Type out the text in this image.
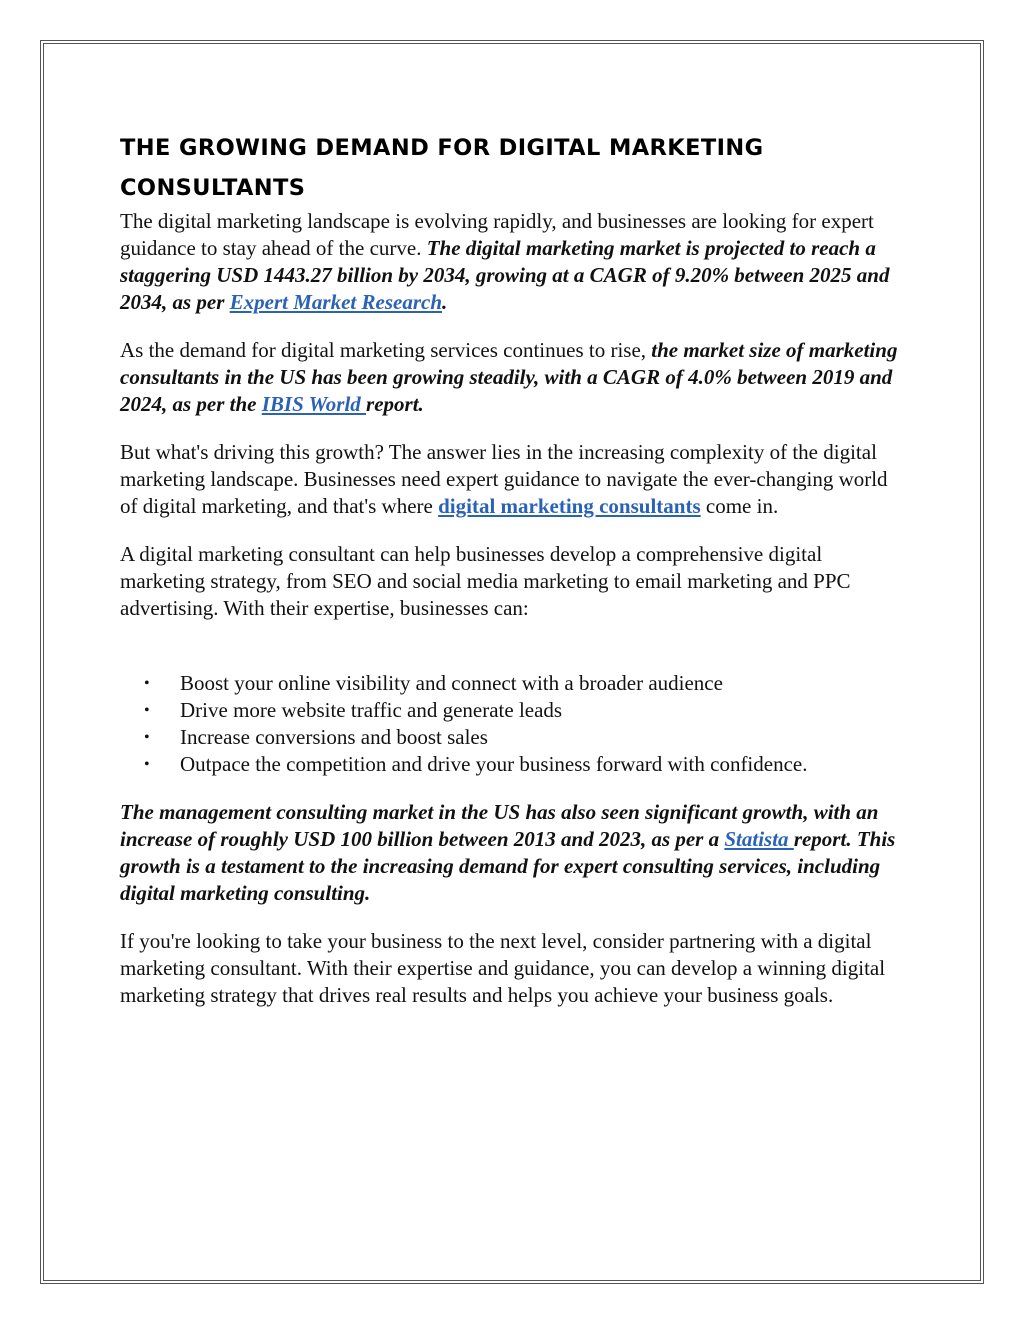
THE GROWING DEMAND FOR DIGITAL MARKETING CONSULTANTS

The digital marketing landscape is evolving rapidly, and businesses are looking for expert guidance to stay ahead of the curve. The digital marketing market is projected to reach a staggering USD 1443.27 billion by 2034, growing at a CAGR of 9.20% between 2025 and 2034, as per Expert Market Research.

As the demand for digital marketing services continues to rise, the market size of marketing consultants in the US has been growing steadily, with a CAGR of 4.0% between 2019 and 2024, as per the IBIS World report.

But what's driving this growth? The answer lies in the increasing complexity of the digital marketing landscape. Businesses need expert guidance to navigate the ever-changing world of digital marketing, and that's where digital marketing consultants come in.

A digital marketing consultant can help businesses develop a comprehensive digital marketing strategy, from SEO and social media marketing to email marketing and PPC advertising. With their expertise, businesses can:

• Boost your online visibility and connect with a broader audience
• Drive more website traffic and generate leads
• Increase conversions and boost sales
• Outpace the competition and drive your business forward with confidence.

The management consulting market in the US has also seen significant growth, with an increase of roughly USD 100 billion between 2013 and 2023, as per a Statista report. This growth is a testament to the increasing demand for expert consulting services, including digital marketing consulting.

If you're looking to take your business to the next level, consider partnering with a digital marketing consultant. With their expertise and guidance, you can develop a winning digital marketing strategy that drives real results and helps you achieve your business goals.
